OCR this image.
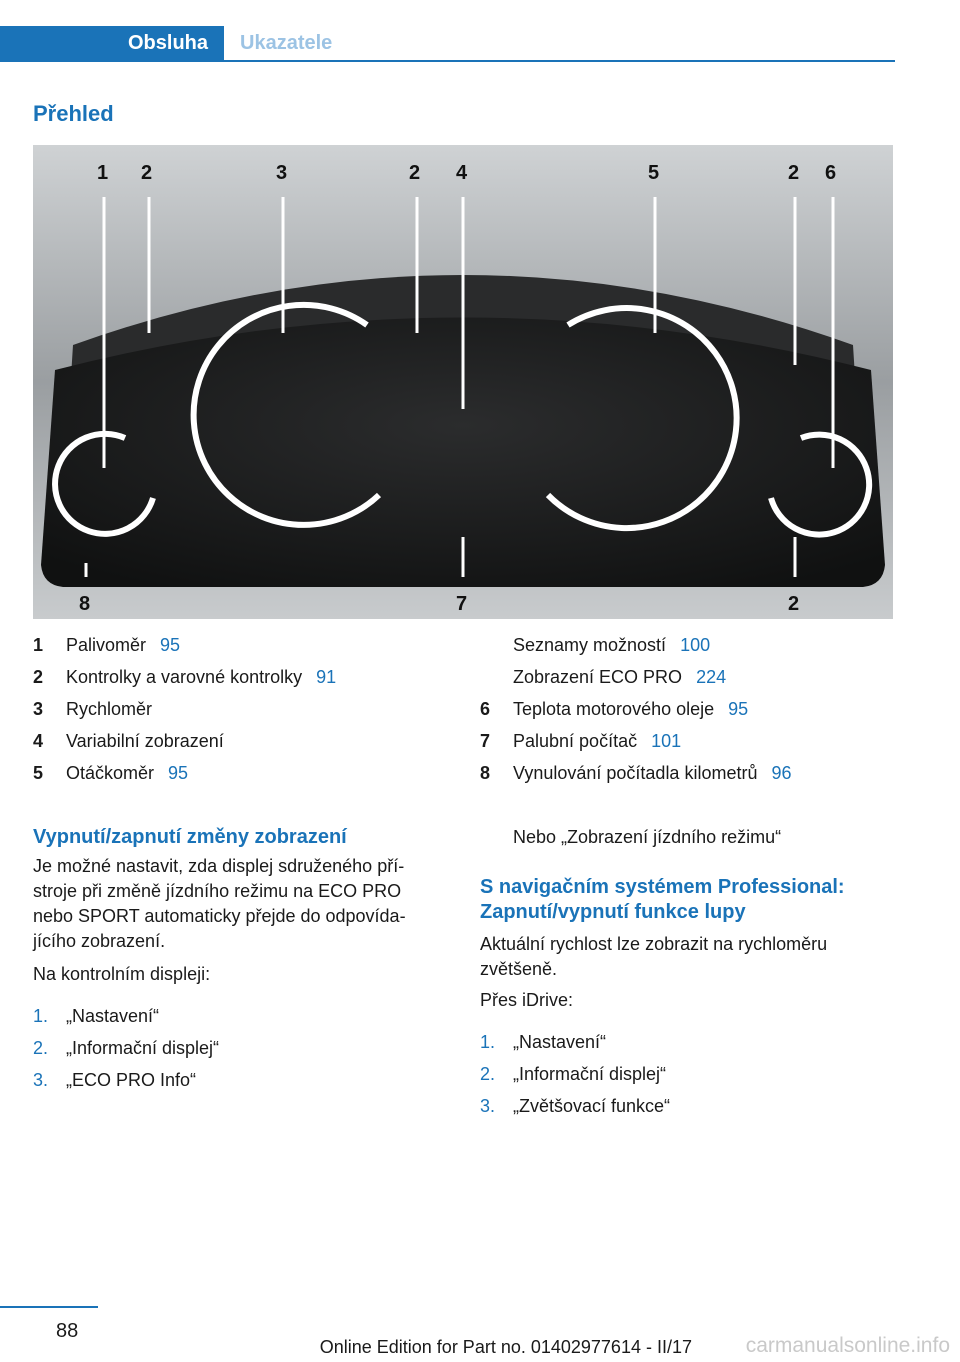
Obsluha	Ukazatele
Přehled
1 2	3	2 4	5	2 6
8	7	2
1 Palivoměr 95
2 Kontrolky a varovné kontrolky 91
3 Rychloměr
4 Variabilní zobrazení
5 Otáčkoměr 95
Seznamy možností 100
Zobrazení ECO PRO 224
6 Teplota motorového oleje 95
7 Palubní počítač 101
8 Vynulování počítadla kilometrů 96
Vypnutí/zapnutí změny zobrazení
Je možné nastavit, zda displej sdruženého pří-
stroje při změně jízdního režimu na ECO PRO
nebo SPORT automaticky přejde do odpovída-
jícího zobrazení.
Na kontrolním displeji:
1. „Nastavení“
2. „Informační displej“
3. „ECO PRO Info“
Nebo „Zobrazení jízdního režimu“
S navigačním systémem Professional:
Zapnutí/vypnutí funkce lupy
Aktuální rychlost lze zobrazit na rychloměru
zvětšeně.
Přes iDrive:
1. „Nastavení“
2. „Informační displej“
3. „Zvětšovací funkce“
88
Online Edition for Part no. 01402977614 - II/17	carmanualsonline.info
